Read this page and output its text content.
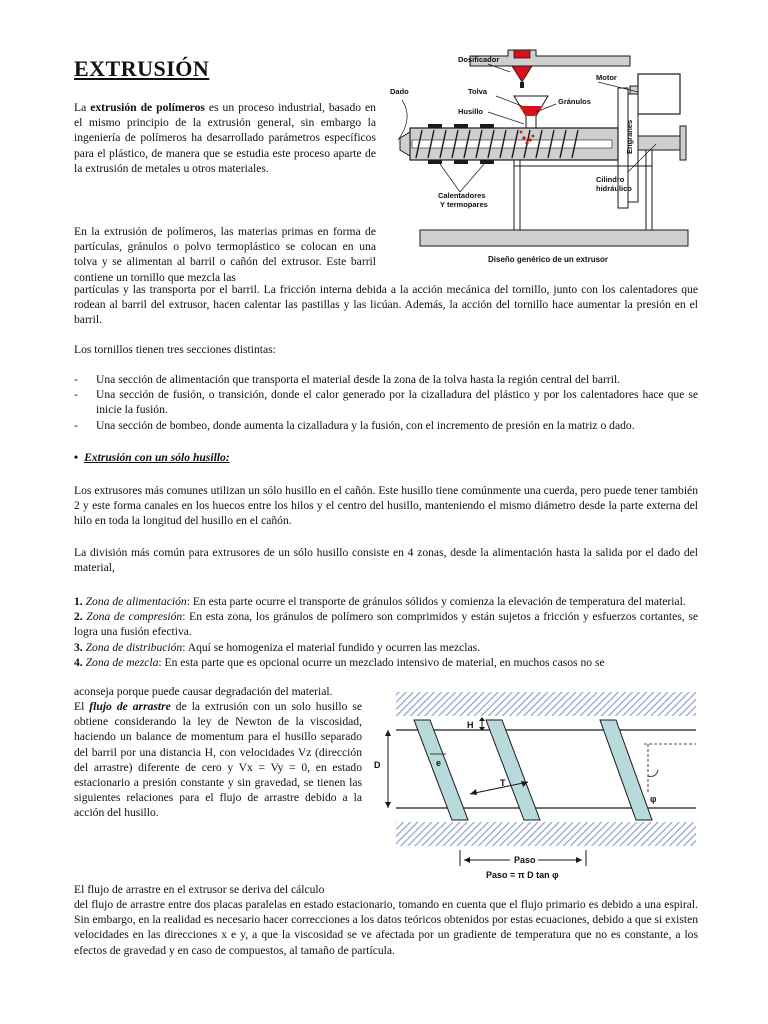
EXTRUSIÓN
La extrusión de polímeros es un proceso industrial, basado en el mismo principio de la extrusión general, sin embargo la ingeniería de polímeros ha desarrollado parámetros específicos para el plástico, de manera que se estudia este proceso aparte de la extrusión de metales u otros materiales.
En la extrusión de polímeros, las materias primas en forma de partículas, gránulos o polvo termoplástico se colocan en una tolva y se alimentan al barril o cañón del extrusor. Este barril contiene un tornillo que mezcla las
partículas y las transporta por el barril. La fricción interna debida a la acción mecánica del tornillo, junto con los calentadores que rodean al barril del extrusor, hacen calentar las pastillas y las licúan. Además, la acción del tornillo hace aumentar la presión en el barril.
Los tornillos tienen tres secciones distintas:
- Una sección de alimentación que transporta el material desde la zona de la tolva hasta la región central del barril.
- Una sección de fusión, o transición, donde el calor generado por la cizalladura del plástico y por los calentadores hace que se inicie la fusión.
- Una sección de bombeo, donde aumenta la cizalladura y la fusión, con el incremento de presión en la matriz o dado.
• Extrusión con un sólo husillo:
Los extrusores más comunes utilizan un sólo husillo en el cañón. Este husillo tiene comúnmente una cuerda, pero puede tener también 2 y este forma canales en los huecos entre los hilos y el centro del husillo, manteniendo el mismo diámetro desde la parte externa del hilo en toda la longitud del husillo en el cañón.
La división más común para extrusores de un sólo husillo consiste en 4 zonas, desde la alimentación hasta la salida por el dado del material,
1. Zona de alimentación: En esta parte ocurre el transporte de gránulos sólidos y comienza la elevación de temperatura del material.
2. Zona de compresión: En esta zona, los gránulos de polímero son comprimidos y están sujetos a fricción y esfuerzos cortantes, se logra una fusión efectiva.
3. Zona de distribución: Aquí se homogeniza el material fundido y ocurren las mezclas.
4. Zona de mezcla: En esta parte que es opcional ocurre un mezclado intensivo de material, en muchos casos no se
aconseja porque puede causar degradación del material.
El flujo de arrastre de la extrusión con un solo husillo se obtiene considerando la ley de Newton de la viscosidad, haciendo un balance de momentum para el husillo separado del barril por una distancia H, con velocidades Vz (dirección del arrastre) diferente de cero y Vx = Vy = 0, en estado estacionario a presión constante y sin gravedad, se tienen las siguientes relaciones para el flujo de arrastre debido a la acción del husillo.
El flujo de arrastre en el extrusor se deriva del cálculo
del flujo de arrastre entre dos placas paralelas en estado estacionario, tomando en cuenta que el flujo primario es debido a una espiral. Sin embargo, en la realidad es necesario hacer correcciones a los datos teóricos obtenidos por estas ecuaciones, debido a que si existen velocidades en las direcciones x e y, a que la viscosidad se ve afectada por un gradiente de temperatura que no es constante, a los efectos de gravedad y en caso de compuestos, al tamaño de partícula.
Dosificador
Motor
Tolva
Gránulos
Dado
Husillo
Engranes
Cilindro
hidráulico
Calentadores
Y termopares
Diseño genérico de un extrusor
H
D	e
T
φ
Paso
Paso = π D tan φ
